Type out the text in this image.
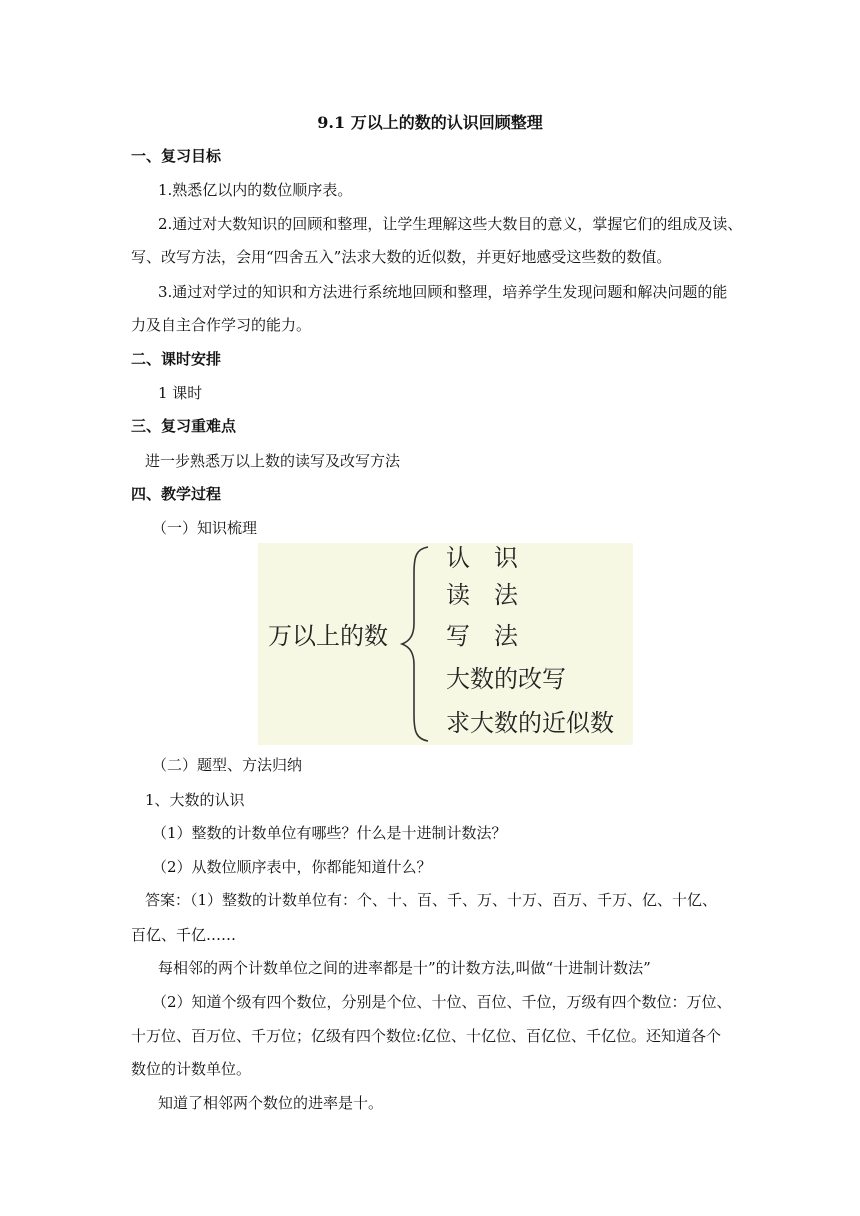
9.1 万以上的数的认识回顾整理
一、复习目标
1.熟悉亿以内的数位顺序表。
2.通过对大数知识的回顾和整理，让学生理解这些大数目的意义，掌握它们的组成及读、
写、改写方法，会用“四舍五入”法求大数的近似数，并更好地感受这些数的数值。
3.通过对学过的知识和方法进行系统地回顾和整理，培养学生发现问题和解决问题的能
力及自主合作学习的能力。
二、课时安排
1 课时
三、复习重难点
进一步熟悉万以上数的读写及改写方法
四、教学过程
（一）知识梳理
万以上的数
认　识
读　法
写　法
大数的改写
求大数的近似数
（二）题型、方法归纳
1、大数的认识
（1）整数的计数单位有哪些？什么是十进制计数法？
（2）从数位顺序表中，你都能知道什么？
答案：（1）整数的计数单位有：个、十、百、千、万、十万、百万、千万、亿、十亿、
百亿、千亿……
每相邻的两个计数单位之间的进率都是十”的计数方法,叫做“十进制计数法”
（2）知道个级有四个数位，分别是个位、十位、百位、千位，万级有四个数位：万位、
十万位、百万位、千万位；亿级有四个数位:亿位、十亿位、百亿位、千亿位。还知道各个
数位的计数单位。
知道了相邻两个数位的进率是十。
